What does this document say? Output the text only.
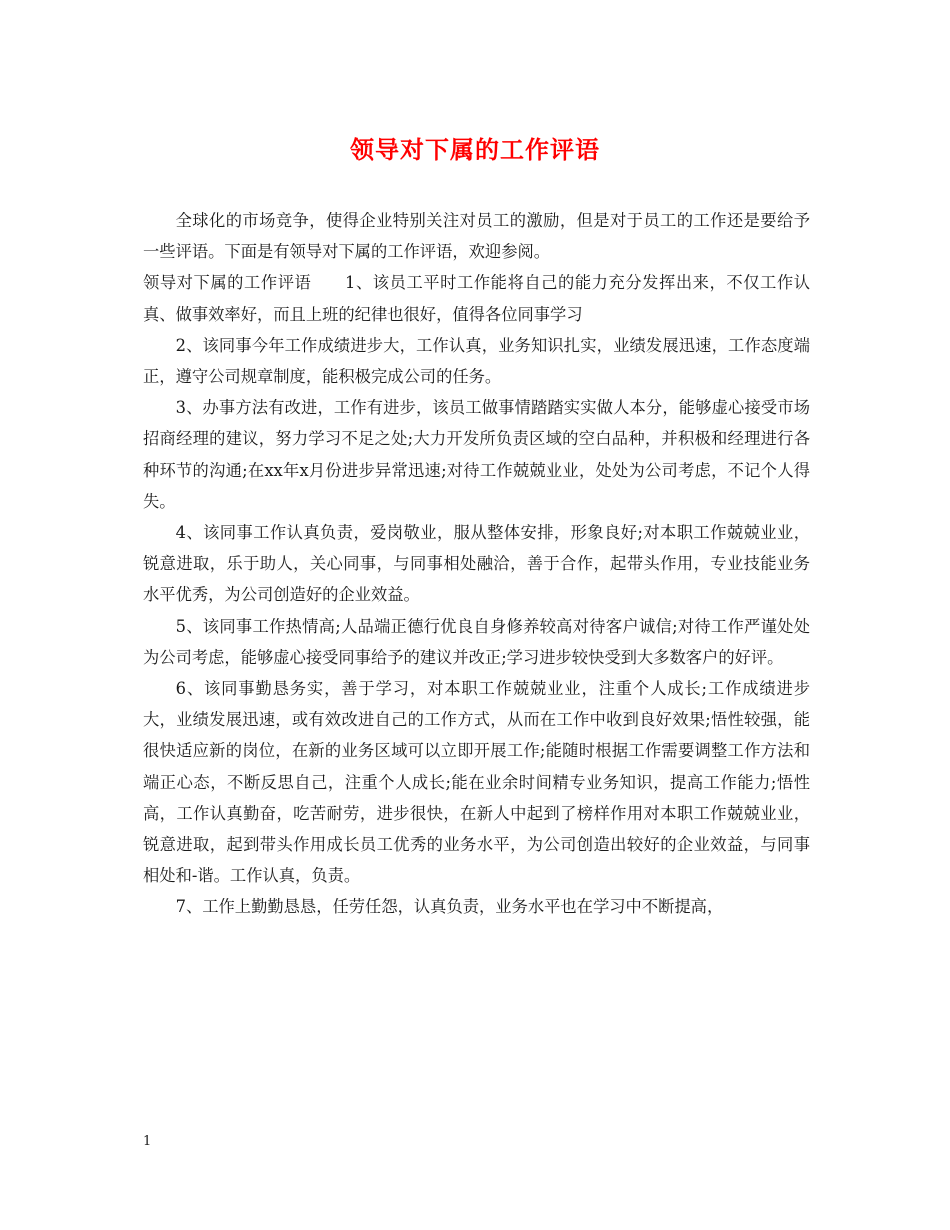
领导对下属的工作评语

全球化的市场竞争，使得企业特别关注对员工的激励，但是对于员工的工作还是要给予一些评语。下面是有领导对下属的工作评语，欢迎参阅。

领导对下属的工作评语　　1、该员工平时工作能将自己的能力充分发挥出来，不仅工作认真、做事效率好，而且上班的纪律也很好，值得各位同事学习

2、该同事今年工作成绩进步大，工作认真，业务知识扎实，业绩发展迅速，工作态度端正，遵守公司规章制度，能积极完成公司的任务。

3、办事方法有改进，工作有进步，该员工做事情踏踏实实做人本分，能够虚心接受市场招商经理的建议，努力学习不足之处;大力开发所负责区域的空白品种，并积极和经理进行各种环节的沟通;在xx年x月份进步异常迅速;对待工作兢兢业业，处处为公司考虑，不记个人得失。

4、该同事工作认真负责，爱岗敬业，服从整体安排，形象良好;对本职工作兢兢业业，锐意进取，乐于助人，关心同事，与同事相处融洽，善于合作，起带头作用，专业技能业务水平优秀，为公司创造好的企业效益。

5、该同事工作热情高;人品端正德行优良自身修养较高对待客户诚信;对待工作严谨处处为公司考虑，能够虚心接受同事给予的建议并改正;学习进步较快受到大多数客户的好评。

6、该同事勤恳务实，善于学习，对本职工作兢兢业业，注重个人成长;工作成绩进步大，业绩发展迅速，或有效改进自己的工作方式，从而在工作中收到良好效果;悟性较强，能很快适应新的岗位，在新的业务区域可以立即开展工作;能随时根据工作需要调整工作方法和端正心态，不断反思自己，注重个人成长;能在业余时间精专业务知识，提高工作能力;悟性高，工作认真勤奋，吃苦耐劳，进步很快，在新人中起到了榜样作用对本职工作兢兢业业，锐意进取，起到带头作用成长员工优秀的业务水平，为公司创造出较好的企业效益，与同事相处和-谐。工作认真，负责。

7、工作上勤勤恳恳，任劳任怨，认真负责，业务水平也在学习中不断提高，

1
